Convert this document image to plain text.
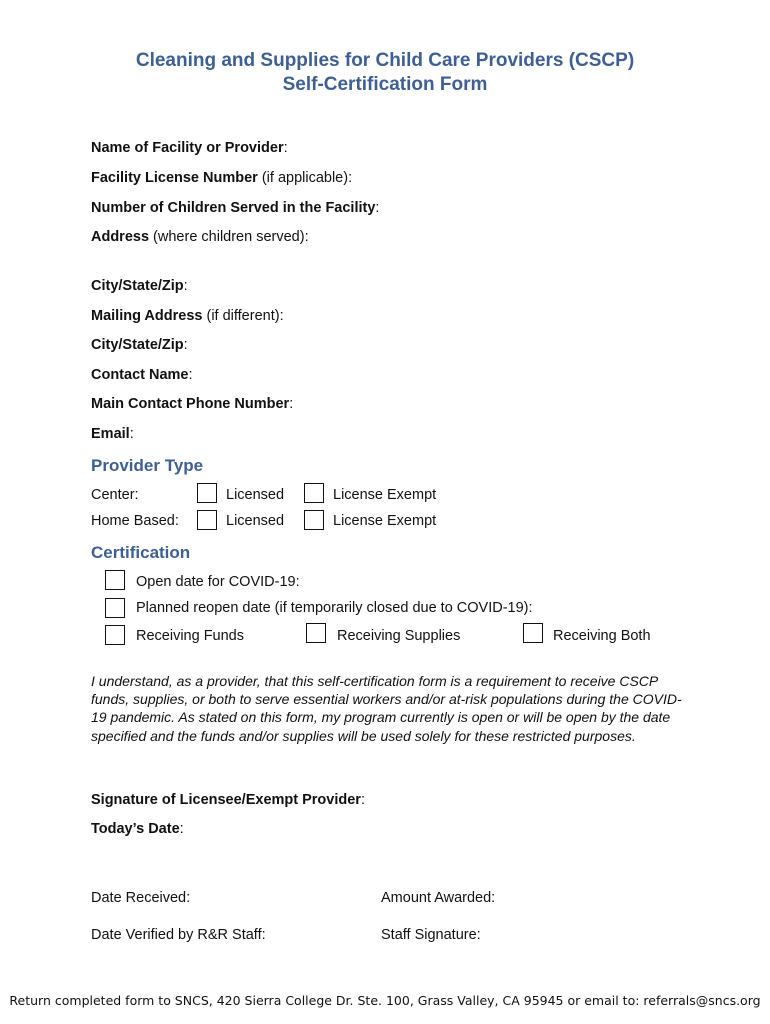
Cleaning and Supplies for Child Care Providers (CSCP)
Self-Certification Form
Name of Facility or Provider:
Facility License Number (if applicable):
Number of Children Served in the Facility:
Address (where children served):
City/State/Zip:
Mailing Address (if different):
City/State/Zip:
Contact Name:
Main Contact Phone Number:
Email:
Provider Type
Center:	Licensed	License Exempt
Home Based:	Licensed	License Exempt
Certification
Open date for COVID-19:
Planned reopen date (if temporarily closed due to COVID-19):
Receiving Funds	Receiving Supplies	Receiving Both
I understand, as a provider, that this self-certification form is a requirement to receive CSCP funds, supplies, or both to serve essential workers and/or at-risk populations during the COVID-19 pandemic. As stated on this form, my program currently is open or will be open by the date specified and the funds and/or supplies will be used solely for these restricted purposes.
Signature of Licensee/Exempt Provider:
Today’s Date:
Date Received:	Amount Awarded:
Date Verified by R&R Staff:	Staff Signature:
Return completed form to SNCS, 420 Sierra College Dr. Ste. 100, Grass Valley, CA 95945 or email to: referrals@sncs.org
